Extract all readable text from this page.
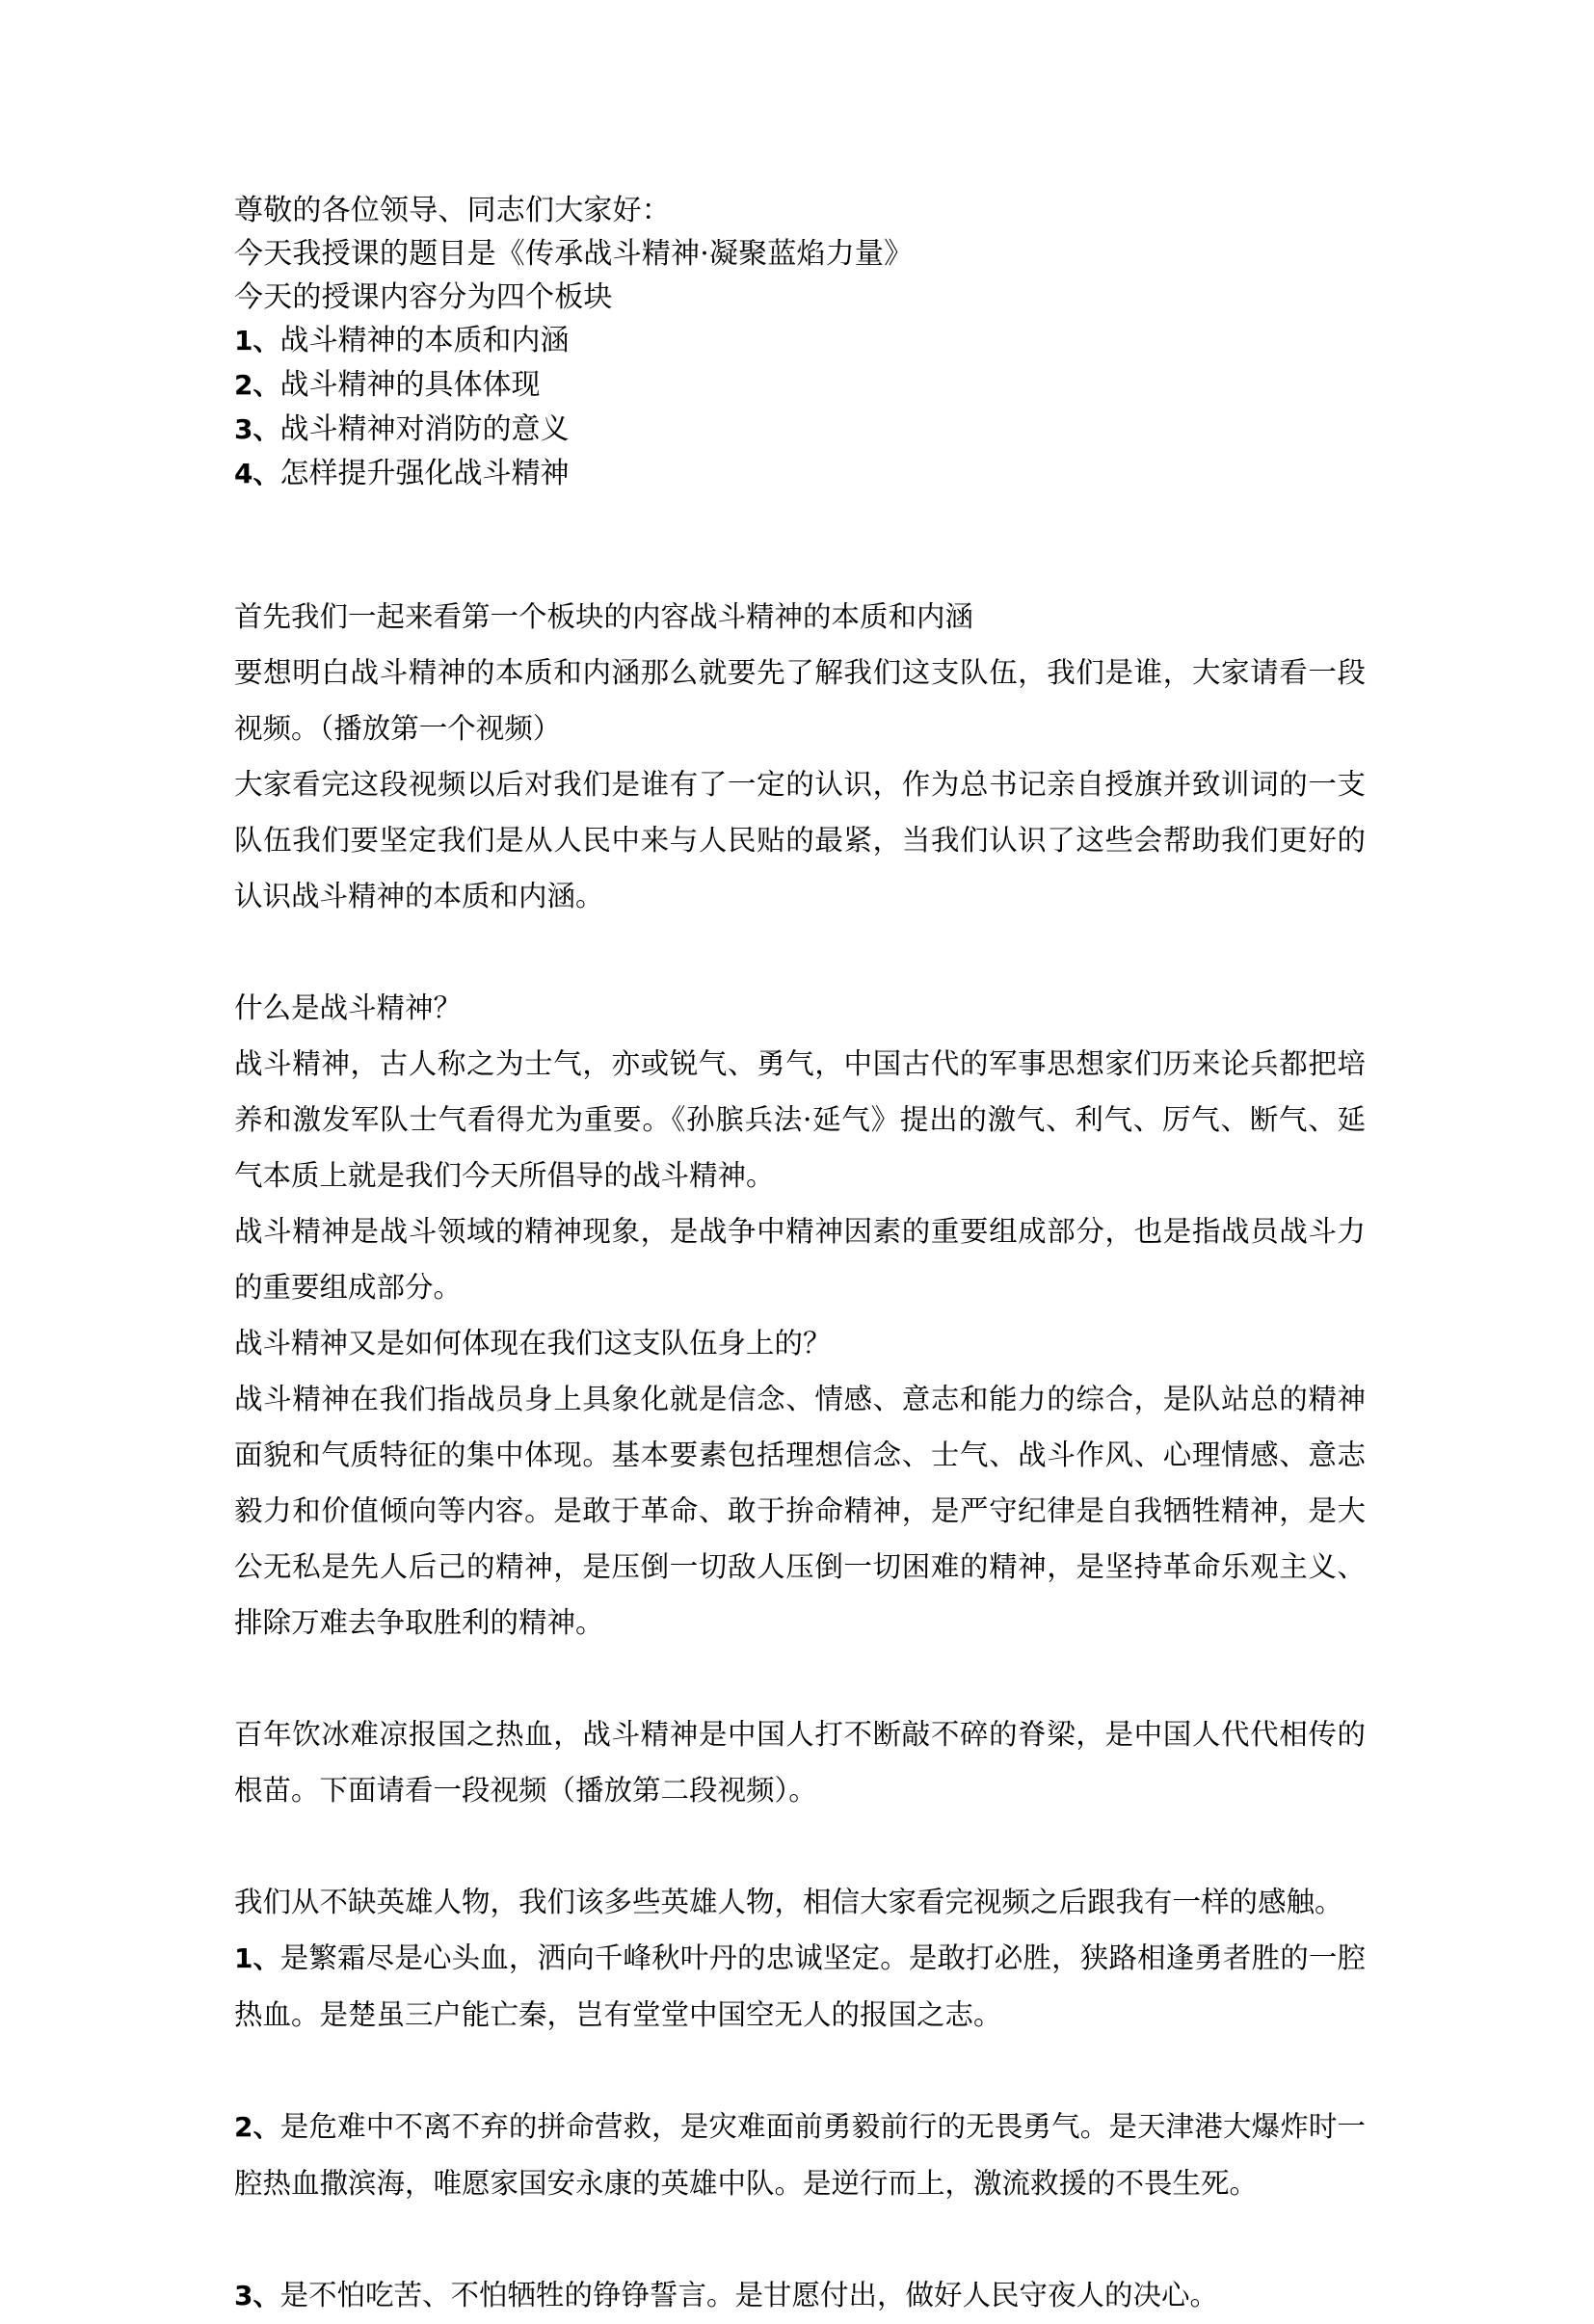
尊敬的各位领导、同志们大家好：
今天我授课的题目是《传承战斗精神·凝聚蓝焰力量》
今天的授课内容分为四个板块
1、战斗精神的本质和内涵
2、战斗精神的具体体现
3、战斗精神对消防的意义
4、怎样提升强化战斗精神

首先我们一起来看第一个板块的内容战斗精神的本质和内涵

要想明白战斗精神的本质和内涵那么就要先了解我们这支队伍，我们是谁，大家请看一段视频。（播放第一个视频）

大家看完这段视频以后对我们是谁有了一定的认识，作为总书记亲自授旗并致训词的一支队伍我们要坚定我们是从人民中来与人民贴的最紧，当我们认识了这些会帮助我们更好的认识战斗精神的本质和内涵。

什么是战斗精神？

战斗精神，古人称之为士气，亦或锐气、勇气，中国古代的军事思想家们历来论兵都把培养和激发军队士气看得尤为重要。《孙膑兵法·延气》提出的激气、利气、厉气、断气、延气本质上就是我们今天所倡导的战斗精神。

战斗精神是战斗领域的精神现象，是战争中精神因素的重要组成部分，也是指战员战斗力的重要组成部分。

战斗精神又是如何体现在我们这支队伍身上的？

战斗精神在我们指战员身上具象化就是信念、情感、意志和能力的综合，是队站总的精神面貌和气质特征的集中体现。基本要素包括理想信念、士气、战斗作风、心理情感、意志毅力和价值倾向等内容。是敢于革命、敢于拚命精神，是严守纪律是自我牺牲精神，是大公无私是先人后己的精神，是压倒一切敌人压倒一切困难的精神，是坚持革命乐观主义、排除万难去争取胜利的精神。

百年饮冰难凉报国之热血，战斗精神是中国人打不断敲不碎的脊梁，是中国人代代相传的根苗。下面请看一段视频（播放第二段视频）。

我们从不缺英雄人物，我们该多些英雄人物，相信大家看完视频之后跟我有一样的感触。

1、是繁霜尽是心头血，洒向千峰秋叶丹的忠诚坚定。是敢打必胜，狭路相逢勇者胜的一腔热血。是楚虽三户能亡秦，岂有堂堂中国空无人的报国之志。

2、是危难中不离不弃的拼命营救，是灾难面前勇毅前行的无畏勇气。是天津港大爆炸时一腔热血撒滨海，唯愿家国安永康的英雄中队。是逆行而上，激流救援的不畏生死。

3、是不怕吃苦、不怕牺牲的铮铮誓言。是甘愿付出，做好人民守夜人的决心。
